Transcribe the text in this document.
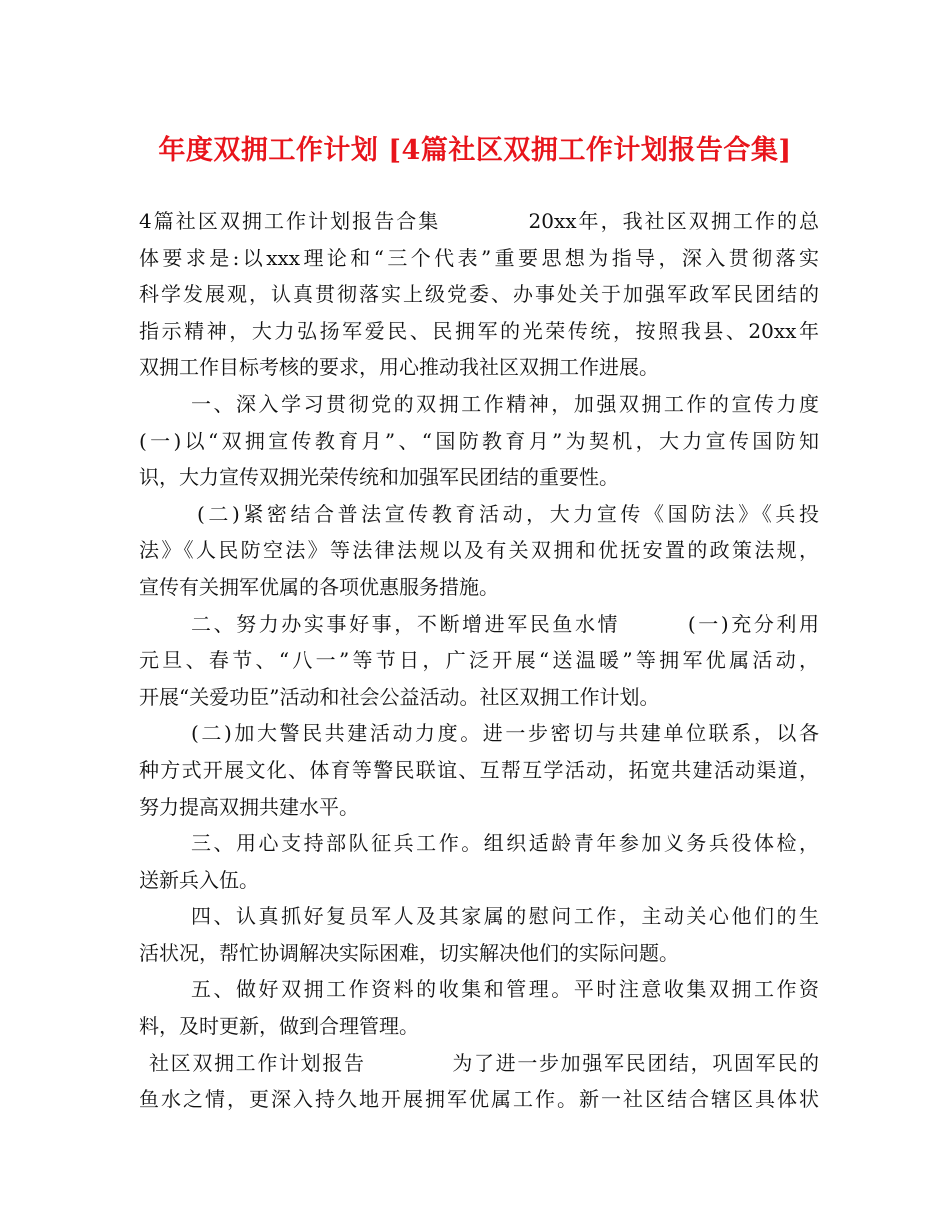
年度双拥工作计划 [4篇社区双拥工作计划报告合集]
4篇社区双拥工作计划报告合集　　　　20xx年，我社区双拥工作的总
体要求是:以xxx理论和“三个代表”重要思想为指导，深入贯彻落实
科学发展观，认真贯彻落实上级党委、办事处关于加强军政军民团结的
指示精神，大力弘扬军爱民、民拥军的光荣传统，按照我县、20xx年
双拥工作目标考核的要求，用心推动我社区双拥工作进展。
一、深入学习贯彻党的双拥工作精神，加强双拥工作的宣传力度
(一)以“双拥宣传教育月”、“国防教育月”为契机，大力宣传国防知
识，大力宣传双拥光荣传统和加强军民团结的重要性。
(二)紧密结合普法宣传教育活动，大力宣传《国防法》《兵投
法》《人民防空法》等法律法规以及有关双拥和优抚安置的政策法规，
宣传有关拥军优属的各项优惠服务措施。
二、努力办实事好事，不断增进军民鱼水情　　　(一)充分利用
元旦、春节、“八一”等节日，广泛开展“送温暖”等拥军优属活动，
开展“关爱功臣”活动和社会公益活动。社区双拥工作计划。
(二)加大警民共建活动力度。进一步密切与共建单位联系，以各
种方式开展文化、体育等警民联谊、互帮互学活动，拓宽共建活动渠道，
努力提高双拥共建水平。
三、用心支持部队征兵工作。组织适龄青年参加义务兵役体检，
送新兵入伍。
四、认真抓好复员军人及其家属的慰问工作，主动关心他们的生
活状况，帮忙协调解决实际困难，切实解决他们的实际问题。
五、做好双拥工作资料的收集和管理。平时注意收集双拥工作资
料，及时更新，做到合理管理。
社区双拥工作计划报告　　　　为了进一步加强军民团结，巩固军民的
鱼水之情，更深入持久地开展拥军优属工作。新一社区结合辖区具体状
